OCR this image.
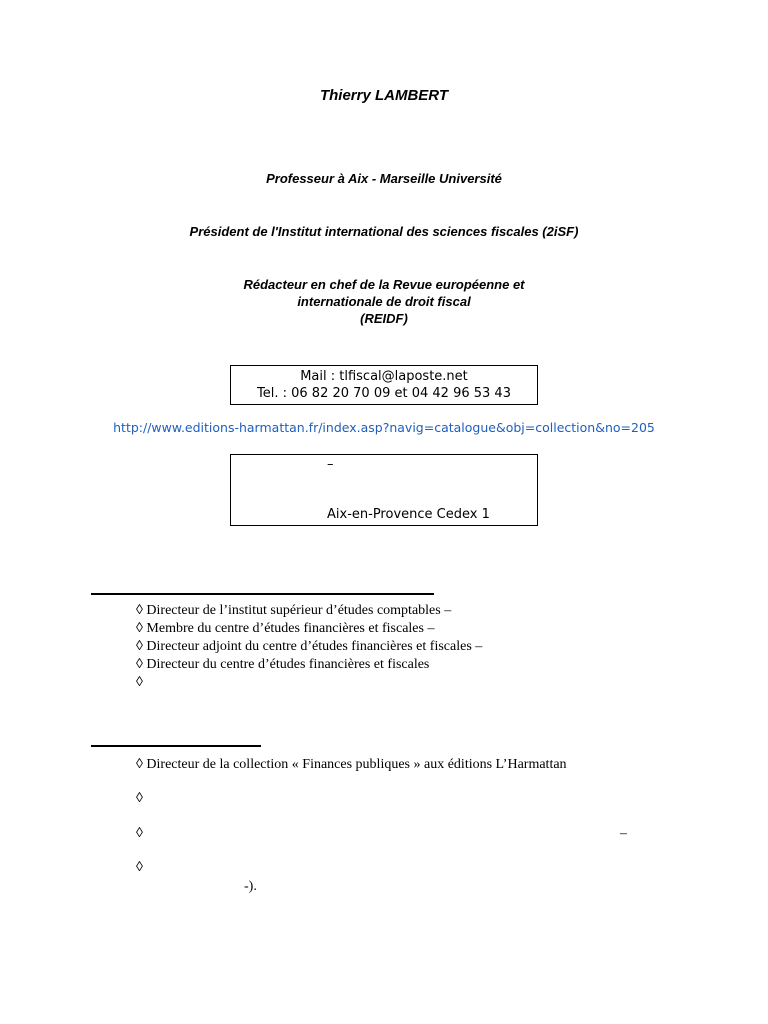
Thierry LAMBERT
Professeur à Aix - Marseille Université
Président de l'Institut international des sciences fiscales (2iSF)
Rédacteur en chef de la Revue européenne et
internationale de droit fiscal
(REIDF)
Mail : tlfiscal@laposte.net
Tel. : 06 82 20 70 09 et 04 42 96 53 43
http://www.editions-harmattan.fr/index.asp?navig=catalogue&obj=collection&no=205
–
Aix-en-Provence Cedex 1
◊ Directeur de l’institut supérieur d’études comptables –
◊ Membre du centre d’études financières et fiscales –
◊ Directeur adjoint du centre d’études financières et fiscales –
◊ Directeur du centre d’études financières et fiscales
◊
◊ Directeur de la collection « Finances publiques » aux éditions L’Harmattan
◊
◊	–
◊
-).
